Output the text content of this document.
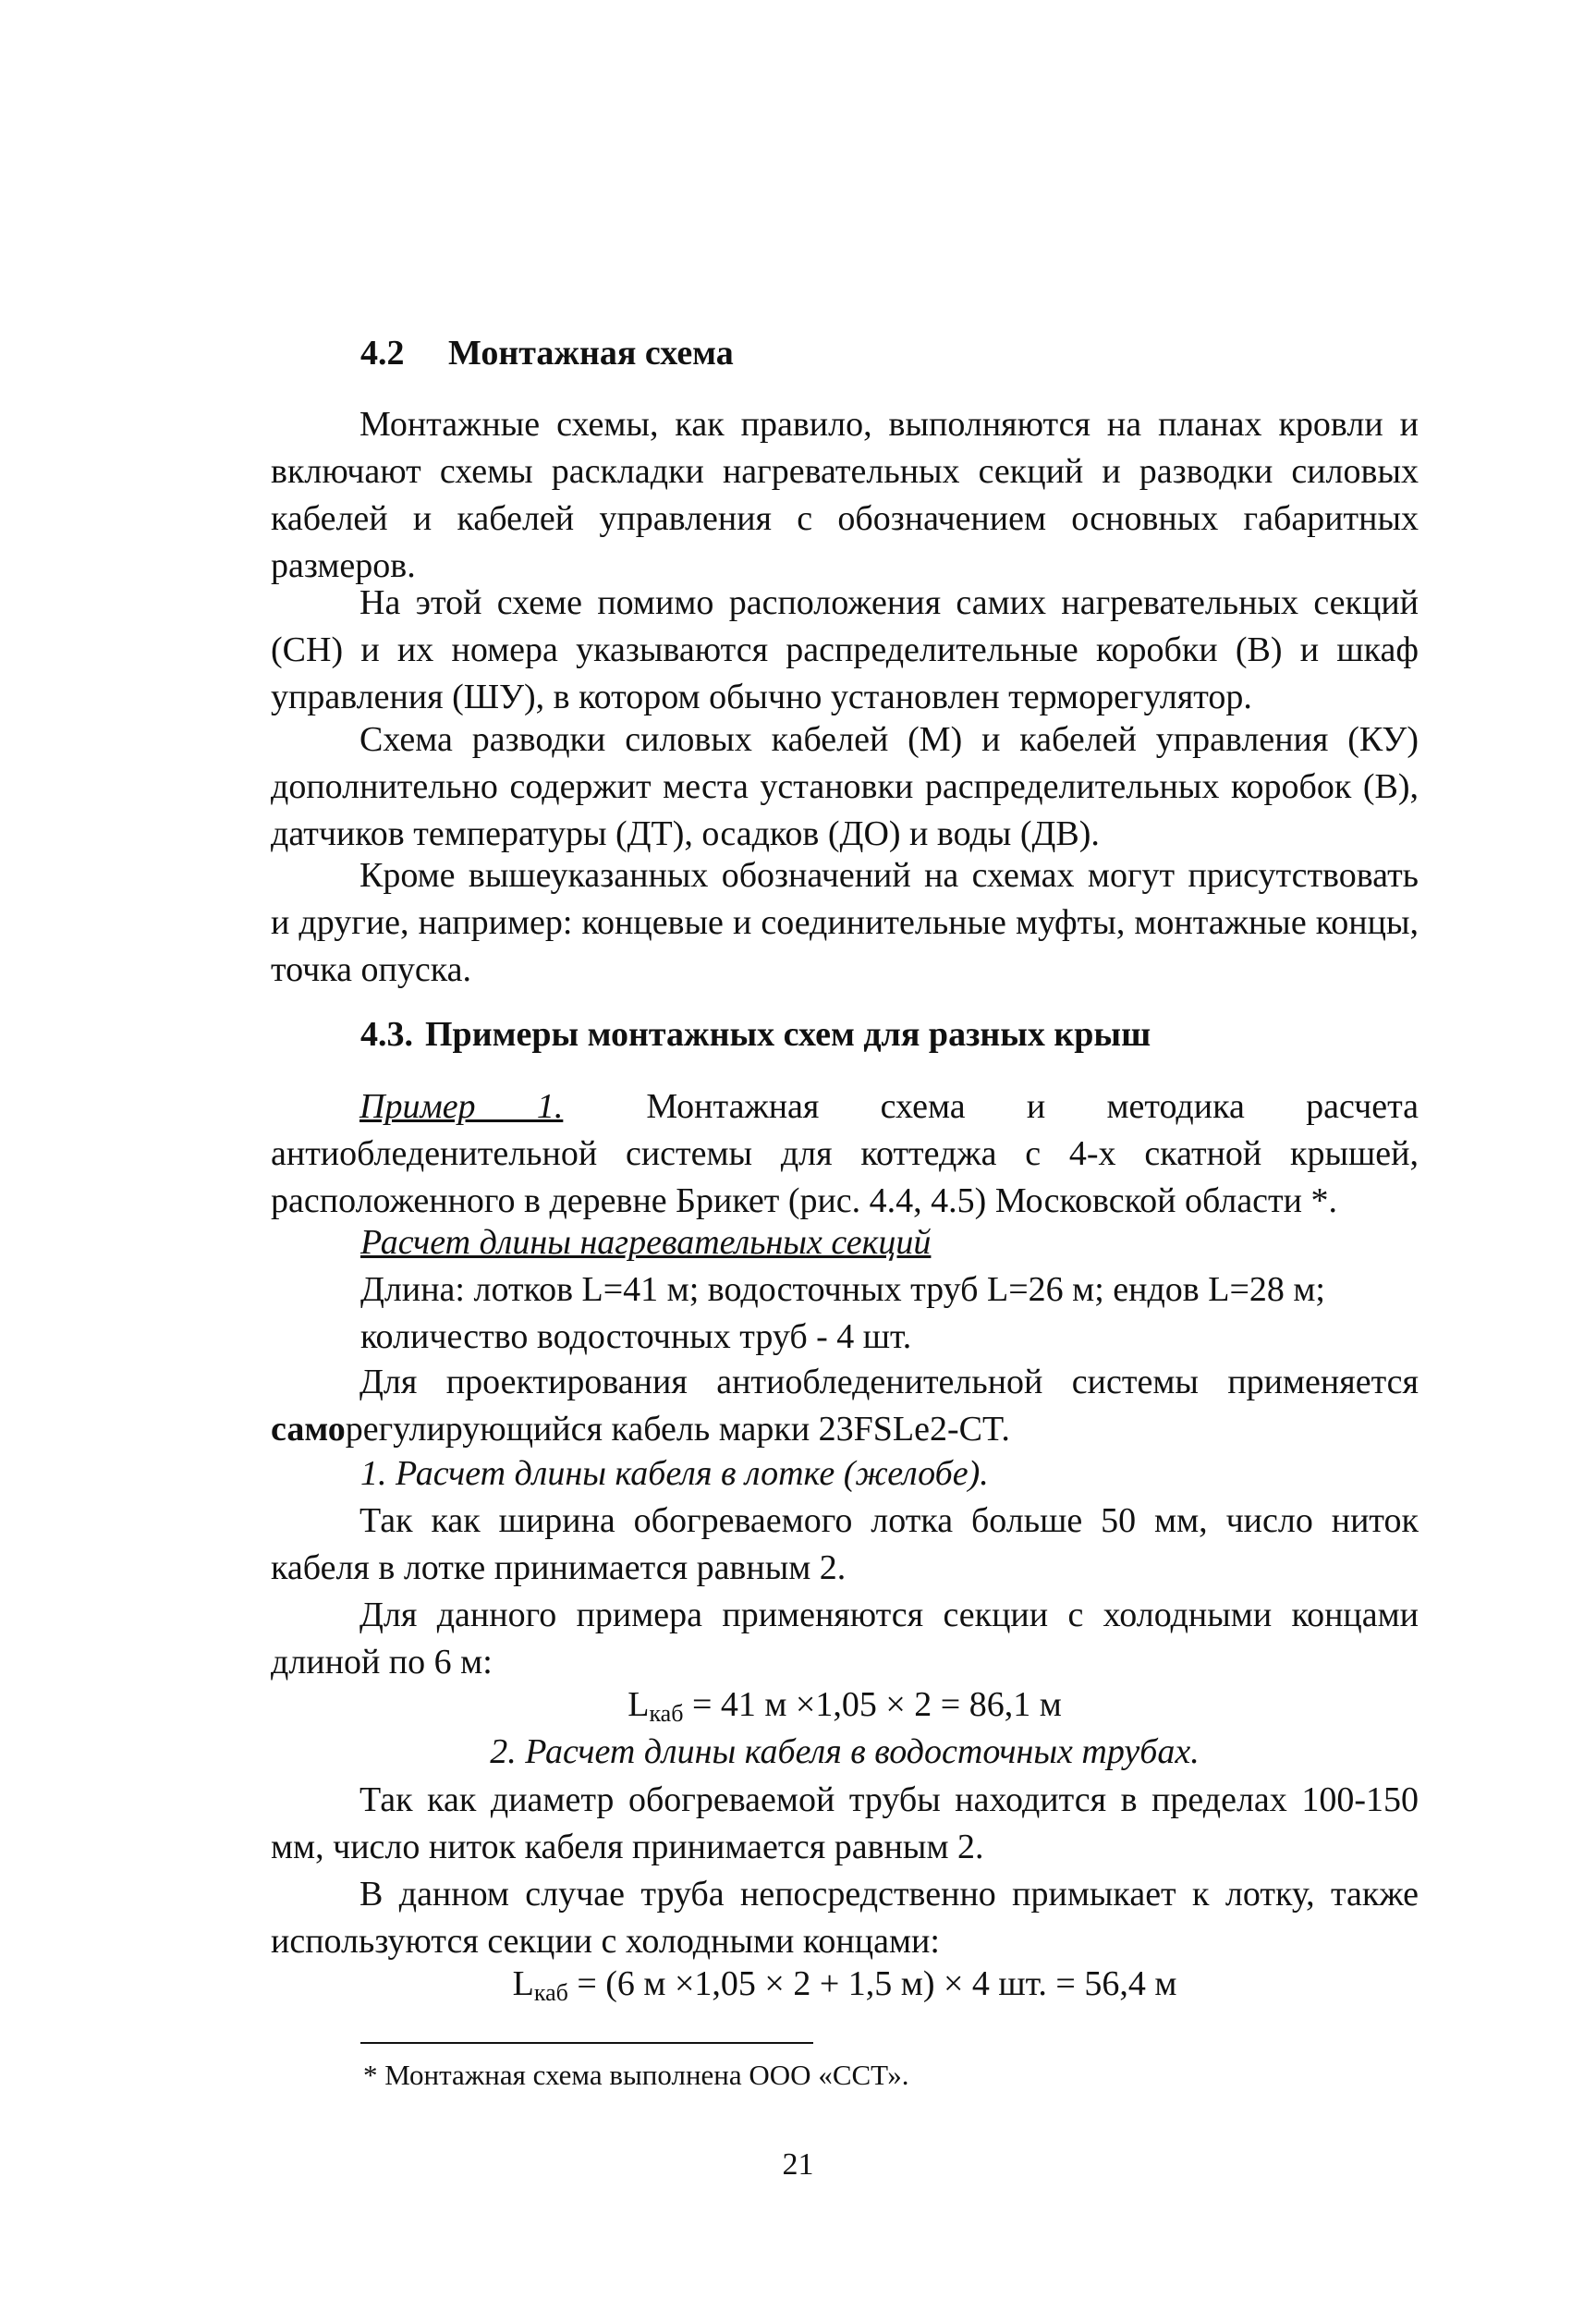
4.2 Монтажная схема

Монтажные схемы, как правило, выполняются на планах кровли и включают схемы раскладки нагревательных секций и разводки силовых кабелей и кабелей управления с обозначением основных габаритных размеров.

На этой схеме помимо расположения самих нагревательных секций (СН) и их номера указываются распределительные коробки (В) и шкаф управления (ШУ), в котором обычно установлен терморегулятор.

Схема разводки силовых кабелей (М) и кабелей управления (КУ) дополнительно содержит места установки распределительных коробок (В), датчиков температуры (ДТ), осадков (ДО) и воды (ДВ).

Кроме вышеуказанных обозначений на схемах могут присутствовать и другие, например: концевые и соединительные муфты, монтажные концы, точка опуска.

4.3. Примеры монтажных схем для разных крыш

Пример 1. Монтажная схема и методика расчета антиобледенительной системы для коттеджа с 4-х скатной крышей, расположенного в деревне Брикет (рис. 4.4, 4.5) Московской области *.

Расчет длины нагревательных секций
Длина: лотков L=41 м; водосточных труб L=26 м; ендов L=28 м;
количество водосточных труб - 4 шт.

Для проектирования антиобледенительной системы применяется саморегулирующийся кабель марки 23FSLe2-CT.

1. Расчет длины кабеля в лотке (желобе).

Так как ширина обогреваемого лотка больше 50 мм, число ниток кабеля в лотке принимается равным 2.

Для данного примера применяются секции с холодными концами длиной по 6 м:

$L_{каб} = 41$ м ×1,05 × 2 = 86,1 м
2. Расчет длины кабеля в водосточных трубах.

Так как диаметр обогреваемой трубы находится в пределах 100-150 мм, число ниток кабеля принимается равным 2.

В данном случае труба непосредственно примыкает к лотку, также используются секции с холодными концами:

$L_{каб} = (6$ м ×1,05 × 2 + 1,5 м) × 4 шт. = 56,4 м
* Монтажная схема выполнена ООО «ССТ».
21
